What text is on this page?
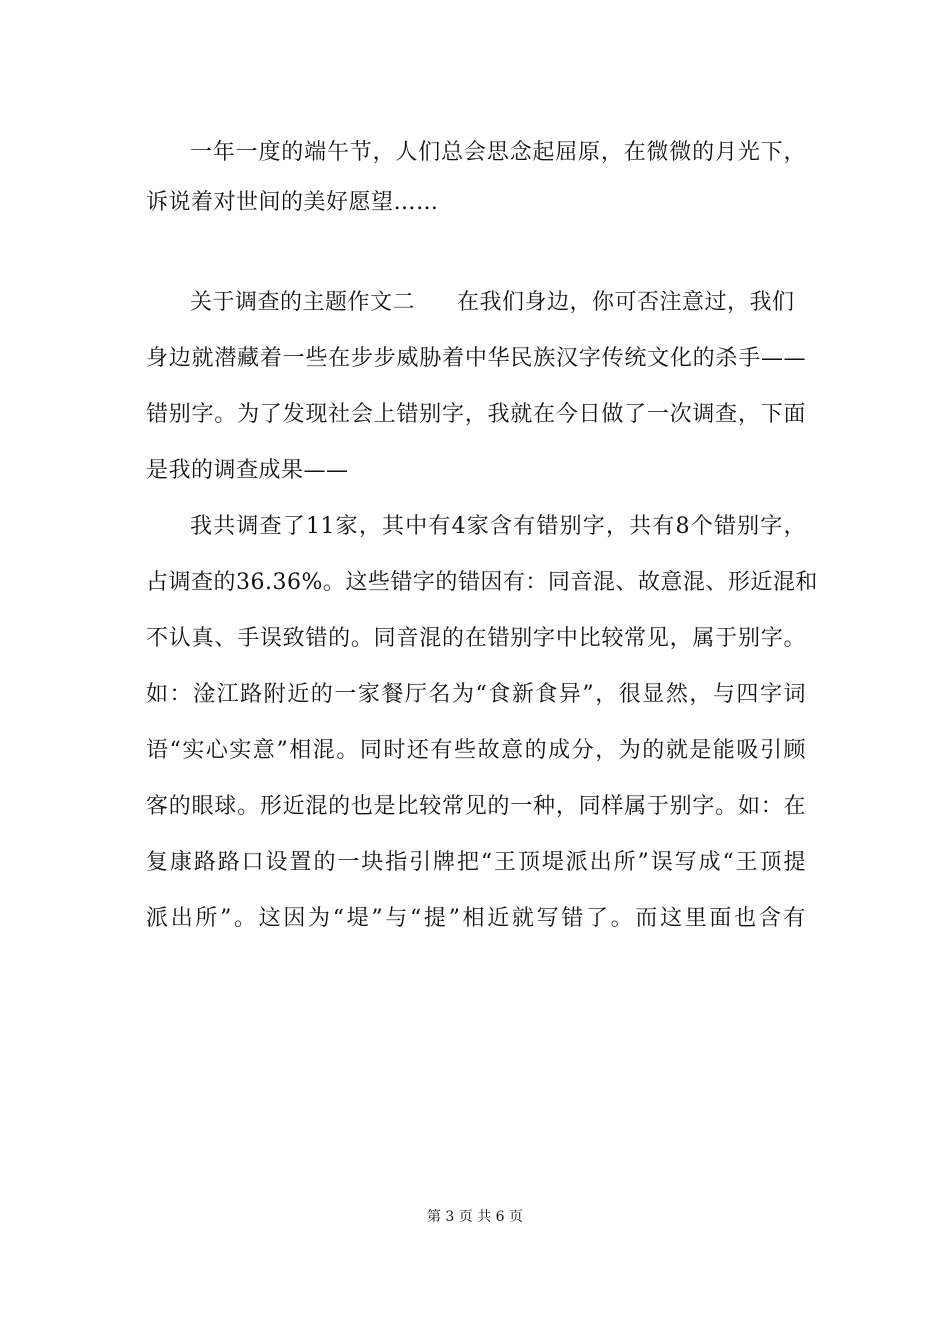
一年一度的端午节，人们总会思念起屈原，在微微的月光下，
诉说着对世间的美好愿望……
关于调查的主题作文二 在我们身边，你可否注意过，我们
身边就潜藏着一些在步步威胁着中华民族汉字传统文化的杀手——
错别字。为了发现社会上错别字，我就在今日做了一次调查，下面
是我的调查成果——
我共调查了11家，其中有4家含有错别字，共有8个错别字，
占调查的36.36%。这些错字的错因有：同音混、故意混、形近混和
不认真、手误致错的。同音混的在错别字中比较常见，属于别字。
如：淦江路附近的一家餐厅名为“食新食异”，很显然，与四字词
语“实心实意”相混。同时还有些故意的成分，为的就是能吸引顾
客的眼球。形近混的也是比较常见的一种，同样属于别字。如：在
复康路路口设置的一块指引牌把“王顶堤派出所”误写成“王顶提
派出所”。这因为“堤”与“提”相近就写错了。而这里面也含有
第 3 页 共 6 页
